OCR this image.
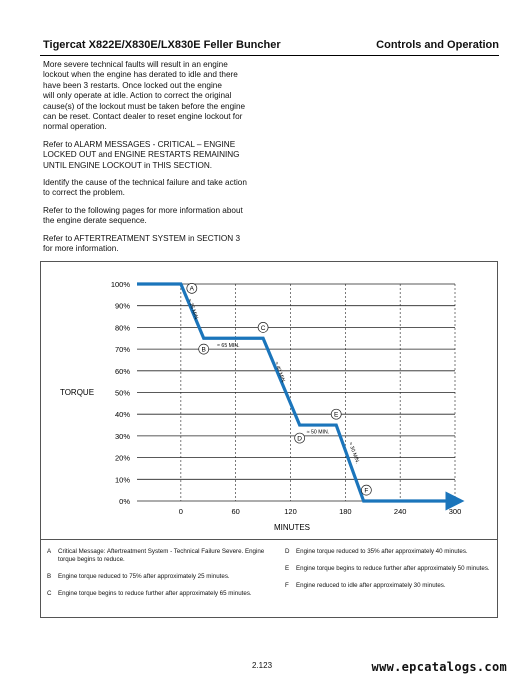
Tigercat X822E/X830E/LX830E Feller Buncher	Controls and Operation

More severe technical faults will result in an engine
lockout when the engine has derated to idle and there
have been 3 restarts. Once locked out the engine
will only operate at idle. Action to correct the original
cause(s) of the lockout must be taken before the engine
can be reset. Contact dealer to reset engine lockout for
normal operation.

Refer to ALARM MESSAGES - CRITICAL – ENGINE
LOCKED OUT and ENGINE RESTARTS REMAINING
UNTIL ENGINE LOCKOUT in THIS SECTION.

Identify the cause of the technical failure and take action
to correct the problem.

Refer to the following pages for more information about
the engine derate sequence.

Refer to AFTERTREATMENT SYSTEM in SECTION 3
for more information.

0%
10%
20%
30%
40%
50%
60%
70%
80%
90%
100%
0	60	120	180	240	300
≈ 25 MIN.
≈ 65 MIN.
≈ 40 MIN.
≈ 50 MIN.
≈ 30 MIN.
A
B
C
D
E
F
TORQUE
MINUTES
A Critical Message: Aftertreatment System - Technical Failure Severe. Engine torque begins to reduce.
B Engine torque reduced to 75% after approximately 25 minutes.
C Engine torque begins to reduce further after approximately 65 minutes.
D Engine torque reduced to 35% after approximately 40 minutes.
E Engine torque begins to reduce further after approximately 50 minutes.
F Engine reduced to idle after approximately 30 minutes.
2.123	www.epcatalogs.com
